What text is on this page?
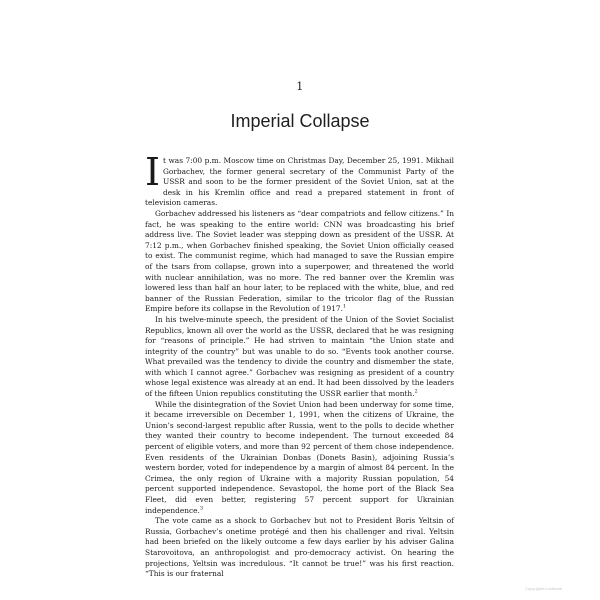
1
Imperial Collapse

It was 7:00 p.m. Moscow time on Christmas Day, December 25, 1991. Mikhail Gorbachev, the former general secretary of the Communist Party of the USSR and soon to be the former president of the Soviet Union, sat at the desk in his Kremlin office and read a prepared statement in front of television cameras.

Gorbachev addressed his listeners as “dear compatriots and fellow citizens.” In fact, he was speaking to the entire world: CNN was broadcasting his brief address live. The Soviet leader was stepping down as president of the USSR. At 7:12 p.m., when Gorbachev finished speaking, the Soviet Union officially ceased to exist. The communist regime, which had managed to save the Russian empire of the tsars from collapse, grown into a superpower, and threatened the world with nuclear annihilation, was no more. The red banner over the Kremlin was lowered less than half an hour later, to be replaced with the white, blue, and red banner of the Russian Federation, similar to the tricolor flag of the Russian Empire before its collapse in the Revolution of 1917.$^1$

In his twelve-minute speech, the president of the Union of the Soviet Socialist Republics, known all over the world as the USSR, declared that he was resigning for “reasons of principle.” He had striven to maintain “the Union state and integrity of the country” but was unable to do so. “Events took another course. What prevailed was the tendency to divide the country and dismember the state, with which I cannot agree.” Gorbachev was resigning as president of a country whose legal existence was already at an end. It had been dissolved by the leaders of the fifteen Union republics constituting the USSR earlier that month.$^2$

While the disintegration of the Soviet Union had been underway for some time, it became irreversible on December 1, 1991, when the citizens of Ukraine, the Union’s second-largest republic after Russia, went to the polls to decide whether they wanted their country to become independent. The turnout exceeded 84 percent of eligible voters, and more than 92 percent of them chose independence. Even residents of the Ukrainian Donbas (Donets Basin), adjoining Russia’s western border, voted for independence by a margin of almost 84 percent. In the Crimea, the only region of Ukraine with a majority Russian population, 54 percent supported independence. Sevastopol, the home port of the Black Sea Fleet, did even better, registering 57 percent support for Ukrainian independence.$^3$

The vote came as a shock to Gorbachev but not to President Boris Yeltsin of Russia, Gorbachev’s onetime protégé and then his challenger and rival. Yeltsin had been briefed on the likely outcome a few days earlier by his adviser Galina Starovoitova, an anthropologist and pro-democracy activist. On hearing the projections, Yeltsin was incredulous. “It cannot be true!” was his first reaction. “This is our fraternal

Copyrighted material
